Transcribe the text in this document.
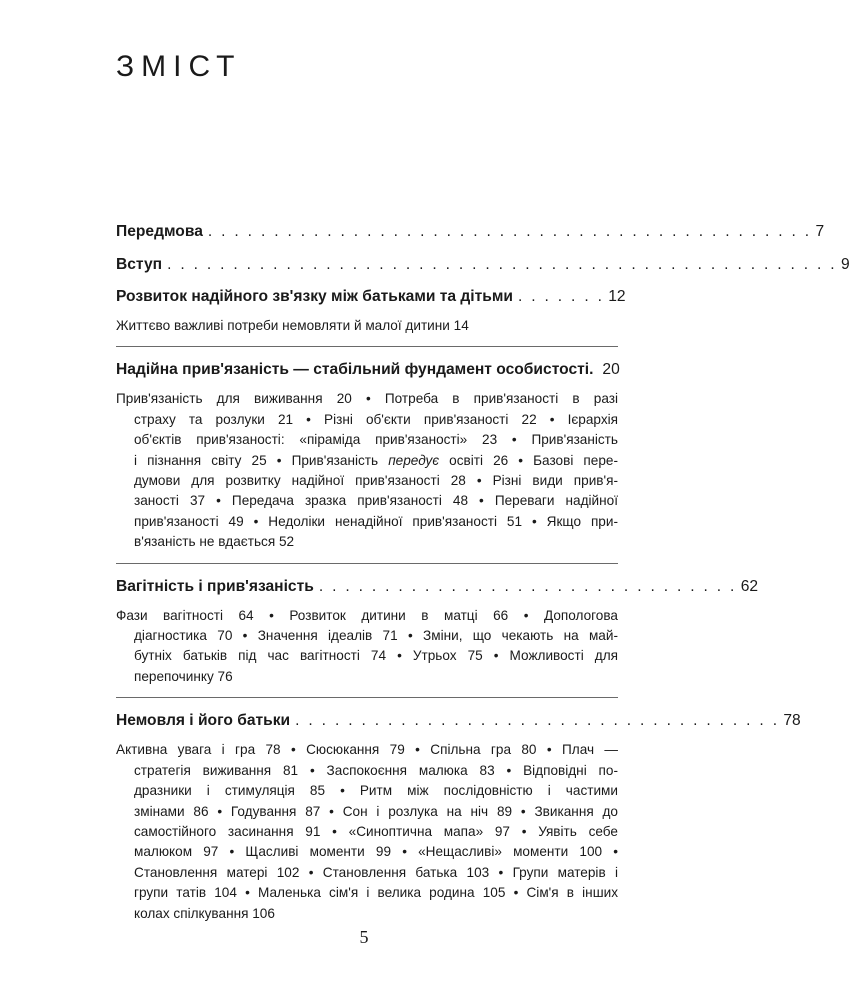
ЗМІСТ
Передмова . . . . . . . . . . . . . . . . . . . . . . . . . . . . . . . . . . . . . . . . . . . . . . 7
Вступ . . . . . . . . . . . . . . . . . . . . . . . . . . . . . . . . . . . . . . . . . . . . . . . . . . . 9
Розвиток надійного зв'язку між батьками та дітьми . . . . . . . 12

Життєво важливі потреби немовляти й малої дитини 14

Надійна прив'язаність — стабільний фундамент особистості. 20
Прив'язаність для виживання 20 • Потреба в прив'язаності в разі
страху та розлуки 21 • Різні об'єкти прив'язаності 22 • Ієрархія
об'єктів прив'язаності: «піраміда прив'язаності» 23 • Прив'язаність
і пізнання світу 25 • Прив'язаність передує освіті 26 • Базові пере-
думови для розвитку надійної прив'язаності 28 • Різні види прив'я-
заності 37 • Передача зразка прив'язаності 48 • Переваги надійної
прив'язаності 49 • Недоліки ненадійної прив'язаності 51 • Якщо при-
в'язаність не вдається 52
Вагітність і прив'язаність . . . . . . . . . . . . . . . . . . . . . . . . . . . . . . . . 62
Фази вагітності 64 • Розвиток дитини в матці 66 • Допологова
діагностика 70 • Значення ідеалів 71 • Зміни, що чекають на май-
бутніх батьків під час вагітності 74 • Утрьох 75 • Можливості для
перепочинку 76
Немовля і його батьки . . . . . . . . . . . . . . . . . . . . . . . . . . . . . . . . . . . . . 78
Активна увага і гра 78 • Сюсюкання 79 • Спільна гра 80 • Плач —
стратегія виживання 81 • Заспокоєння малюка 83 • Відповідні по-
дразники і стимуляція 85 • Ритм між послідовністю і частими
змінами 86 • Годування 87 • Сон і розлука на ніч 89 • Звикання до
самостійного засинання 91 • «Синоптична мапа» 97 • Уявіть себе
малюком 97 • Щасливі моменти 99 • «Нещасливі» моменти 100 •
Становлення матері 102 • Становлення батька 103 • Групи матерів і
групи татів 104 • Маленька сім'я і велика родина 105 • Сім'я в інших
колах спілкування 106
5
